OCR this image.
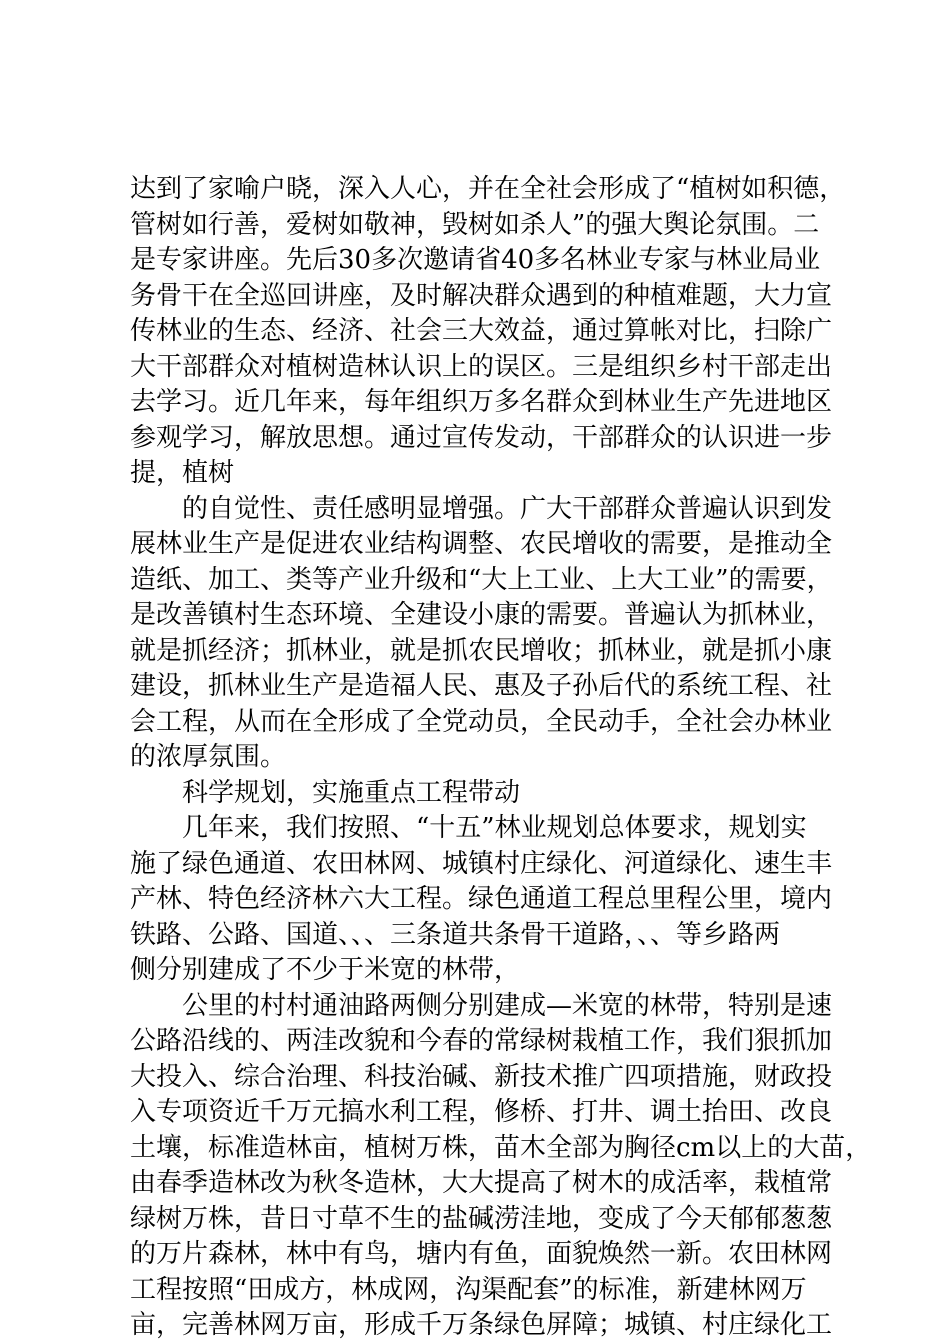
达到了家喻户晓，深入人心，并在全社会形成了“植树如积德，
管树如行善，爱树如敬神，毁树如杀人”的强大舆论氛围。二
是专家讲座。先后30多次邀请省40多名林业专家与林业局业
务骨干在全巡回讲座，及时解决群众遇到的种植难题，大力宣
传林业的生态、经济、社会三大效益，通过算帐对比，扫除广
大干部群众对植树造林认识上的误区。三是组织乡村干部走出
去学习。近几年来，每年组织万多名群众到林业生产先进地区
参观学习，解放思想。通过宣传发动，干部群众的认识进一步
提，植树
的自觉性、责任感明显增强。广大干部群众普遍认识到发
展林业生产是促进农业结构调整、农民增收的需要，是推动全
造纸、加工、类等产业升级和“大上工业、上大工业”的需要，
是改善镇村生态环境、全建设小康的需要。普遍认为抓林业，
就是抓经济；抓林业，就是抓农民增收；抓林业，就是抓小康
建设，抓林业生产是造福人民、惠及子孙后代的系统工程、社
会工程，从而在全形成了全党动员，全民动手，全社会办林业
的浓厚氛围。
科学规划，实施重点工程带动
几年来，我们按照、“十五”林业规划总体要求，规划实
施了绿色通道、农田林网、城镇村庄绿化、河道绿化、速生丰
产林、特色经济林六大工程。绿色通道工程总里程公里，境内
铁路、公路、国道、、、三条道共条骨干道路，、、等乡路两
侧分别建成了不少于米宽的林带，
公里的村村通油路两侧分别建成—米宽的林带，特别是速
公路沿线的、两洼改貌和今春的常绿树栽植工作，我们狠抓加
大投入、综合治理、科技治碱、新技术推广四项措施，财政投
入专项资近千万元搞水利工程，修桥、打井、调土抬田、改良
土壤，标准造林亩，植树万株，苗木全部为胸径cm以上的大苗，
由春季造林改为秋冬造林，大大提高了树木的成活率，栽植常
绿树万株，昔日寸草不生的盐碱涝洼地，变成了今天郁郁葱葱
的万片森林，林中有鸟，塘内有鱼，面貌焕然一新。农田林网
工程按照“田成方，林成网，沟渠配套”的标准，新建林网万
亩，完善林网万亩，形成千万条绿色屏障；城镇、村庄绿化工
